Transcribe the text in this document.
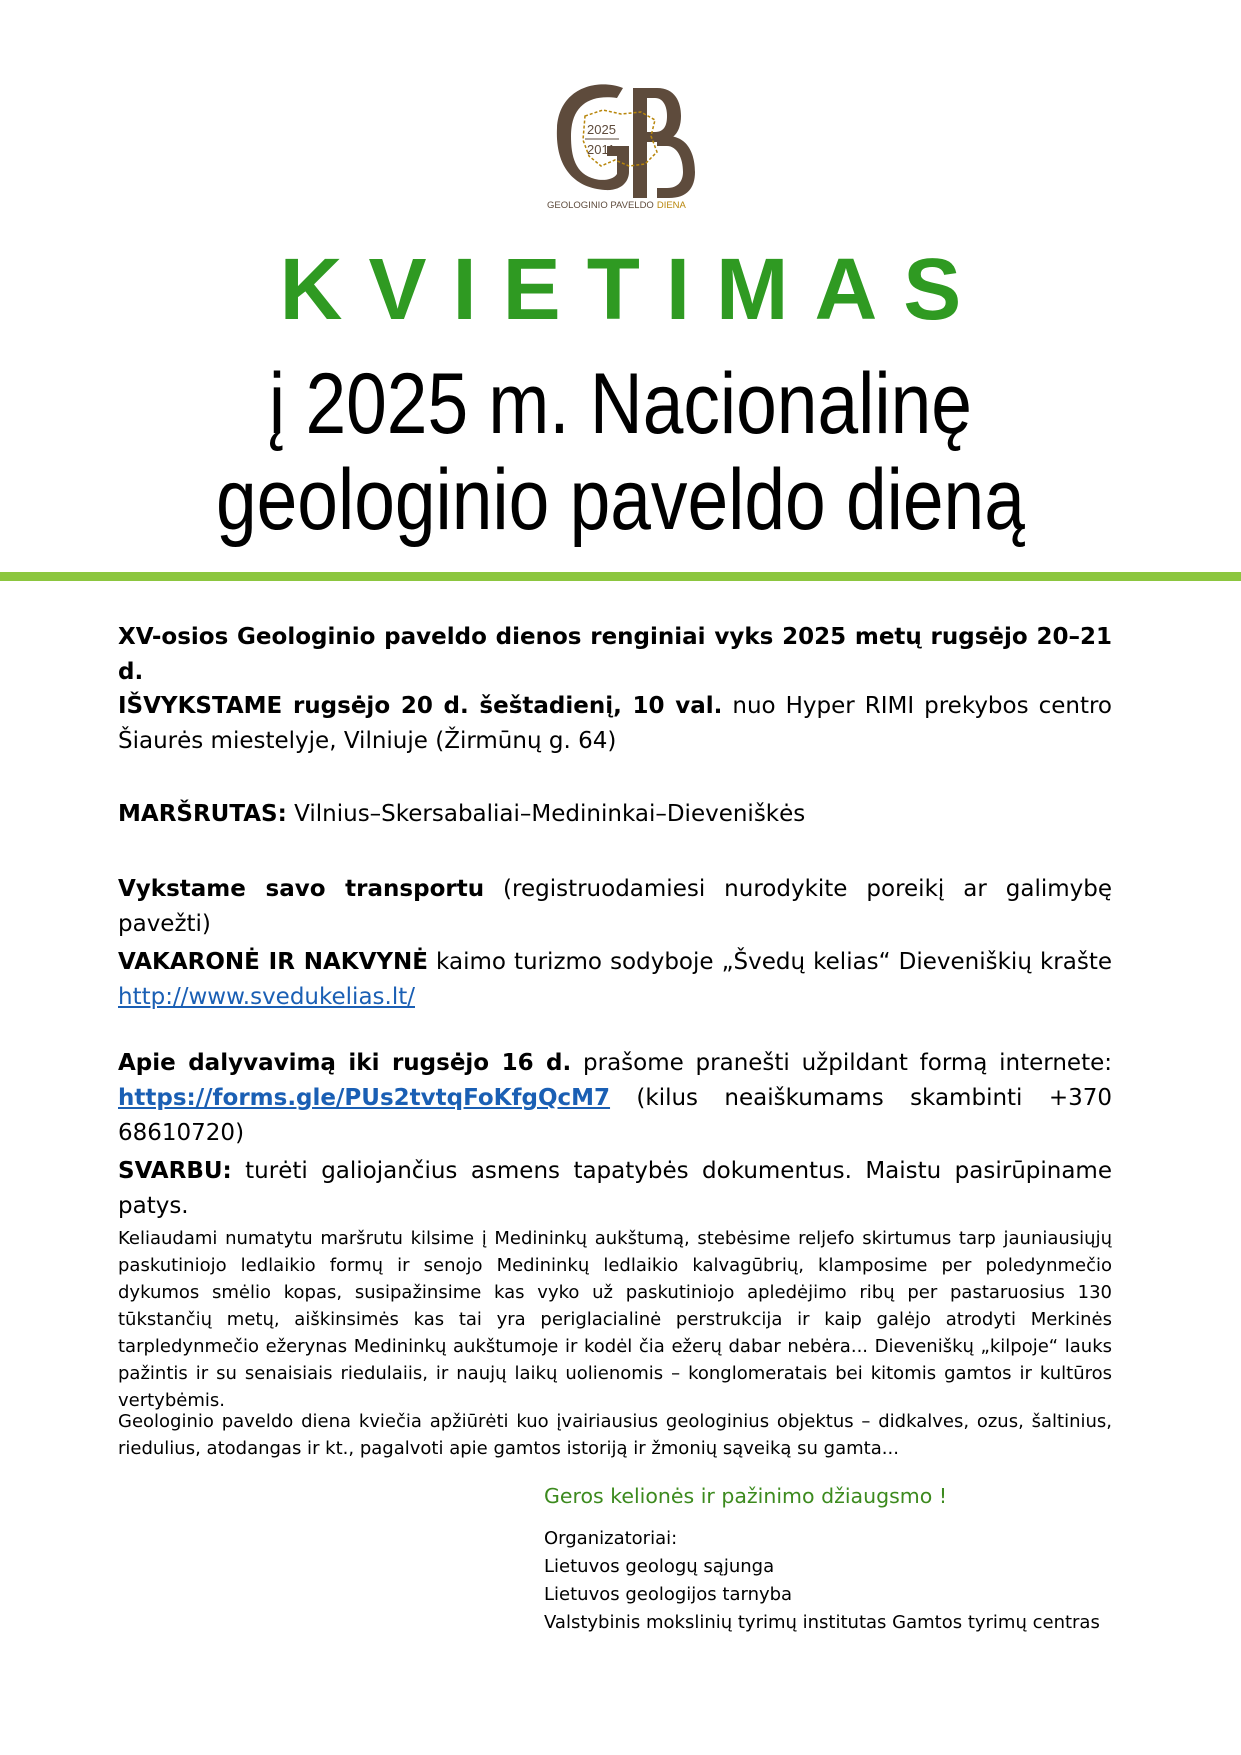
2025
2011
GEOLOGINIO PAVELDO DIENA
KVIETIMAS
į 2025 m. Nacionalinę
geologinio paveldo dieną
XV-osios Geologinio paveldo dienos renginiai vyks 2025 metų rugsėjo 20–21 d.
IŠVYKSTAME rugsėjo 20 d. šeštadienį, 10 val. nuo Hyper RIMI prekybos centro Šiaurės miestelyje, Vilniuje (Žirmūnų g. 64)
MARŠRUTAS: Vilnius–Skersabaliai–Medininkai–Dieveniškės
Vykstame savo transportu (registruodamiesi nurodykite poreikį ar galimybę pavežti)
VAKARONĖ IR NAKVYNĖ kaimo turizmo sodyboje „Švedų kelias“ Dieveniškių krašte http://www.svedukelias.lt/
Apie dalyvavimą iki rugsėjo 16 d. prašome pranešti užpildant formą internete: https://forms.gle/PUs2tvtqFoKfgQcM7 (kilus neaiškumams skambinti +370 68610720)
SVARBU: turėti galiojančius asmens tapatybės dokumentus. Maistu pasirūpiname patys.
Keliaudami numatytu maršrutu kilsime į Medininkų aukštumą, stebėsime reljefo skirtumus tarp jauniausiųjų paskutiniojo ledlaikio formų ir senojo Medininkų ledlaikio kalvagūbrių, klamposime per poledynmečio dykumos smėlio kopas, susipažinsime kas vyko už paskutiniojo apledėjimo ribų per pastaruosius 130 tūkstančių metų, aiškinsimės kas tai yra periglacialinė perstrukcija ir kaip galėjo atrodyti Merkinės tarpledynmečio ežerynas Medininkų aukštumoje ir kodėl čia ežerų dabar nebėra... Dieveniškų „kilpoje“ lauks pažintis ir su senaisiais riedulaiis, ir naujų laikų uolienomis – konglomeratais bei kitomis gamtos ir kultūros vertybėmis.
Geologinio paveldo diena kviečia apžiūrėti kuo įvairiausius geologinius objektus – didkalves, ozus, šaltinius, riedulius, atodangas ir kt., pagalvoti apie gamtos istoriją ir žmonių sąveiką su gamta...
Geros kelionės ir pažinimo džiaugsmo !
Organizatoriai:
Lietuvos geologų sąjunga
Lietuvos geologijos tarnyba
Valstybinis mokslinių tyrimų institutas Gamtos tyrimų centras
